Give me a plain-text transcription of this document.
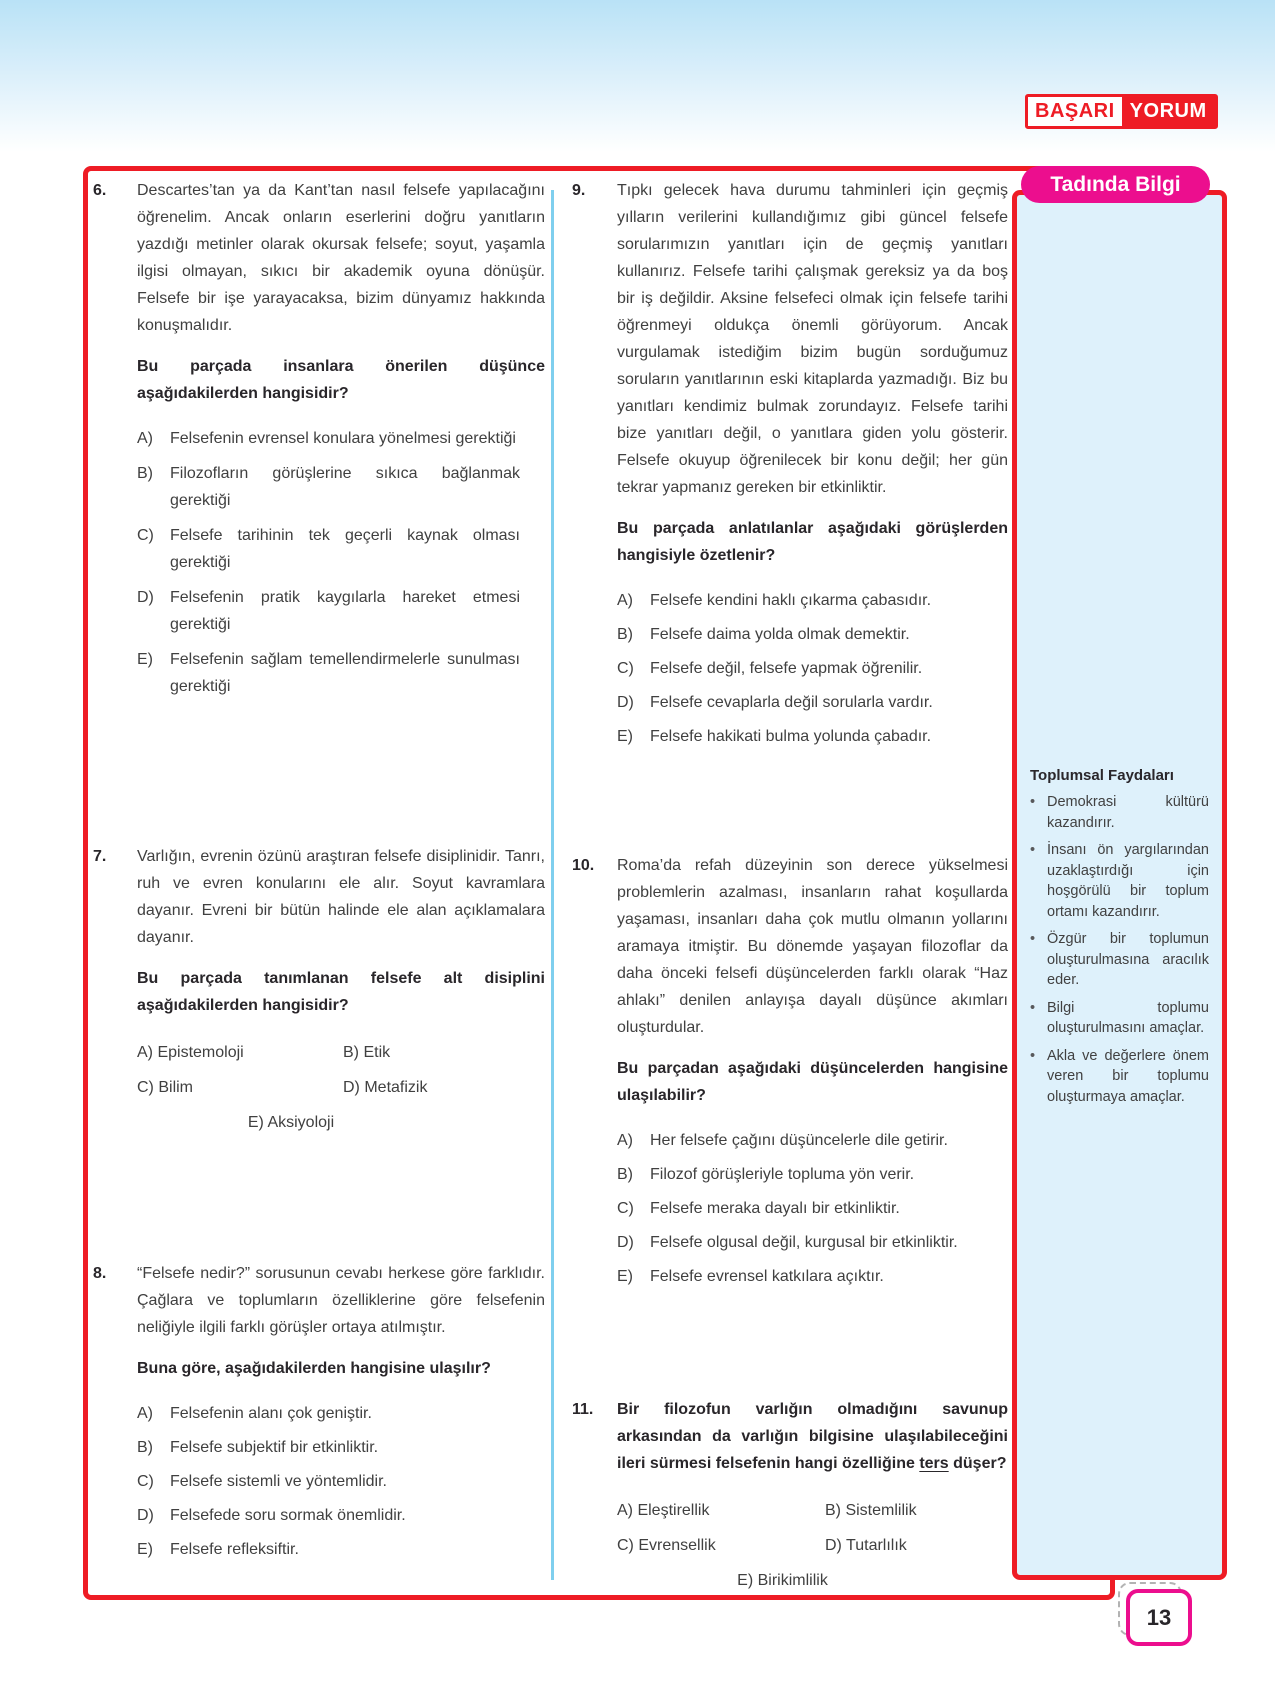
BAŞARI YORUM
6.	Descartes’tan ya da Kant’tan nasıl felsefe yapılacağını öğrenelim. Ancak onların eserlerini doğru yanıtların yazdığı metinler olarak okursak felsefe; soyut, yaşamla ilgisi olmayan, sıkıcı bir akademik oyuna dönüşür. Felsefe bir işe yarayacaksa, bizim dünyamız hakkında konuşmalıdır.

Bu parçada insanlara önerilen düşünce aşağıdakilerden hangisidir?

A)	Felsefenin evrensel konulara yönelmesi gerektiği
B)	Filozofların görüşlerine sıkıca bağlanmak gerektiği
C)	Felsefe tarihinin tek geçerli kaynak olması gerektiği
D)	Felsefenin pratik kaygılarla hareket etmesi gerektiği
E)	Felsefenin sağlam temellendirmelerle sunulması gerektiği
7.	Varlığın, evrenin özünü araştıran felsefe disiplinidir. Tanrı, ruh ve evren konularını ele alır. Soyut kavramlara dayanır. Evreni bir bütün halinde ele alan açıklamalara dayanır.

Bu parçada tanımlanan felsefe alt disiplini aşağıdakilerden hangisidir?

A) Epistemoloji	B) Etik
C) Bilim	D) Metafizik
E) Aksiyoloji
8.	“Felsefe nedir?” sorusunun cevabı herkese göre farklıdır. Çağlara ve toplumların özelliklerine göre felsefenin neliğiyle ilgili farklı görüşler ortaya atılmıştır.

Buna göre, aşağıdakilerden hangisine ulaşılır?

A)	Felsefenin alanı çok geniştir.
B)	Felsefe subjektif bir etkinliktir.
C)	Felsefe sistemli ve yöntemlidir.
D)	Felsefede soru sormak önemlidir.
E)	Felsefe refleksiftir.
9.	Tıpkı gelecek hava durumu tahminleri için geçmiş yılların verilerini kullandığımız gibi güncel felsefe sorularımızın yanıtları için de geçmiş yanıtları kullanırız. Felsefe tarihi çalışmak gereksiz ya da boş bir iş değildir. Aksine felsefeci olmak için felsefe tarihi öğrenmeyi oldukça önemli görüyorum. Ancak vurgulamak istediğim bizim bugün sorduğumuz soruların yanıtlarının eski kitaplarda yazmadığı. Biz bu yanıtları kendimiz bulmak zorundayız. Felsefe tarihi bize yanıtları değil, o yanıtlara giden yolu gösterir. Felsefe okuyup öğrenilecek bir konu değil; her gün tekrar yapmanız gereken bir etkinliktir.

Bu parçada anlatılanlar aşağıdaki görüşlerden hangisiyle özetlenir?

A)	Felsefe kendini haklı çıkarma çabasıdır.
B)	Felsefe daima yolda olmak demektir.
C)	Felsefe değil, felsefe yapmak öğrenilir.
D)	Felsefe cevaplarla değil sorularla vardır.
E)	Felsefe hakikati bulma yolunda çabadır.
10.	Roma’da refah düzeyinin son derece yükselmesi problemlerin azalması, insanların rahat koşullarda yaşaması, insanları daha çok mutlu olmanın yollarını aramaya itmiştir. Bu dönemde yaşayan filozoflar da daha önceki felsefi düşüncelerden farklı olarak “Haz ahlakı” denilen anlayışa dayalı düşünce akımları oluşturdular.

Bu parçadan aşağıdaki düşüncelerden hangisine ulaşılabilir?

A)	Her felsefe çağını düşüncelerle dile getirir.
B)	Filozof görüşleriyle topluma yön verir.
C)	Felsefe meraka dayalı bir etkinliktir.
D)	Felsefe olgusal değil, kurgusal bir etkinliktir.
E)	Felsefe evrensel katkılara açıktır.
11.	Bir filozofun varlığın olmadığını savunup arkasından da varlığın bilgisine ulaşılabileceğini ileri sürmesi felsefenin hangi özelliğine ters düşer?

A) Eleştirellik	B) Sistemlilik
C) Evrensellik	D) Tutarlılık
E) Birikimlilik
Tadında Bilgi

Toplumsal Faydaları

• Demokrasi kültürü kazandırır.
• İnsanı ön yargılarından uzaklaştırdığı için hoşgörülü bir toplum ortamı kazandırır.
• Özgür bir toplumun oluşturulmasına aracılık eder.
• Bilgi toplumu oluşturulmasını amaçlar.
• Akla ve değerlere önem veren bir toplumu oluşturmaya amaçlar.
13
